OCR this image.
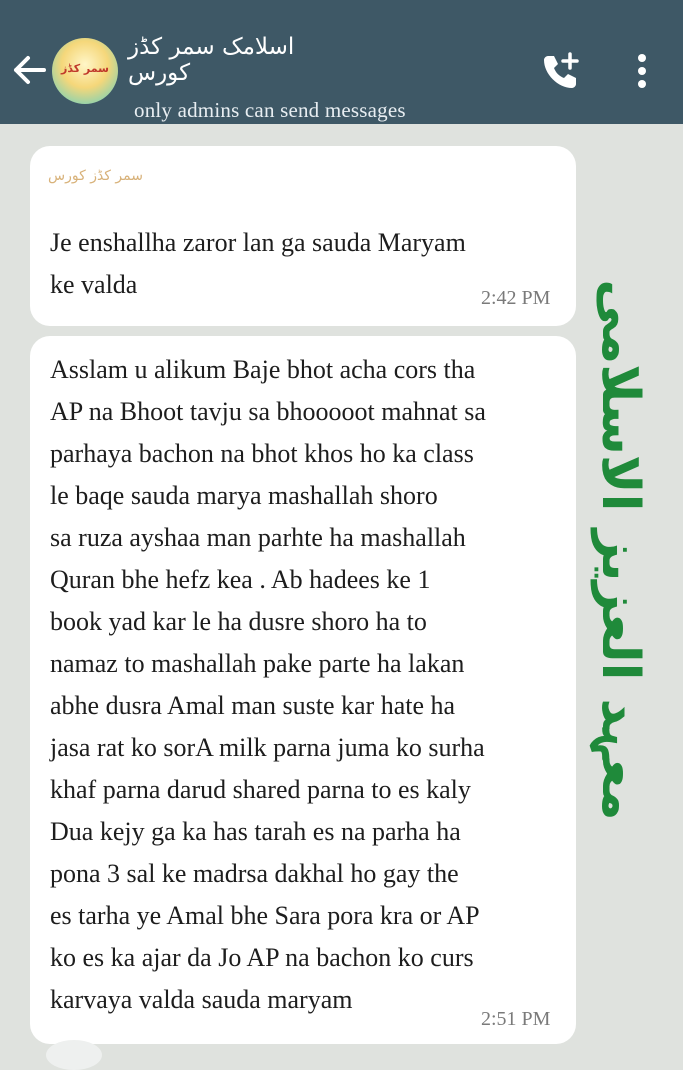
سمر کڈز
اسلامک سمر کڈز کورس
only admins can send messages
سمر کڈز کورس
Je enshallha zaror lan ga sauda Maryam
ke valda	2:42 PM
Asslam u alikum Baje bhot acha cors tha
AP na Bhoot tavju sa bhooooot mahnat sa
parhaya bachon na bhot khos ho ka class
le baqe sauda marya mashallah shoro
sa ruza ayshaa man parhte ha mashallah
Quran bhe hefz kea . Ab hadees ke 1
book yad kar le ha dusre shoro ha to
namaz to mashallah pake parte ha lakan
abhe dusra Amal man suste kar hate ha
jasa rat ko sorA milk parna juma ko surha
khaf parna darud shared parna to es kaly
Dua kejy ga ka has tarah es na parha ha
pona 3 sal ke madrsa dakhal ho gay the
es tarha ye Amal bhe Sara pora kra or AP
ko es ka ajar da Jo AP na bachon ko curs
karvaya valda sauda maryam
2:51 PM
معہد العزیز الاسلامی
